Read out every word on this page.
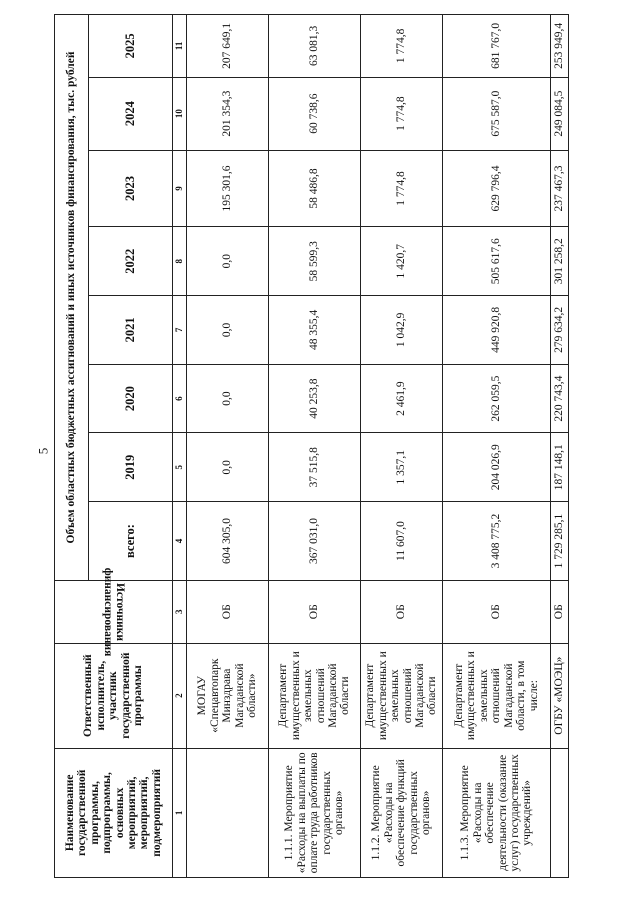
5
Наименование государственной программы, подпрограммы, основных мероприятий, мероприятий, подмероприятий	Ответственный исполнитель, участник государственной программы	Источники
финансирования	Объем областных бюджетных ассигнований и иных источников финансирования, тыс. рублей							
			всего:	2019	2020	2021	2022	2023	2024	2025
1	2	3	4	5	6	7	8	9	10	11
	МОГАУ «Спецавтопарк Минздрава Магаданской области»	ОБ	604 305,0	0,0	0,0	0,0	0,0	195 301,6	201 354,3	207 649,1
1.1.1. Мероприятие «Расходы на выплаты по оплате труда работников государственных органов»	Департамент имущественных и земельных отношений Магаданской области	ОБ	367 031,0	37 515,8	40 253,8	48 355,4	58 599,3	58 486,8	60 738,6	63 081,3
1.1.2. Мероприятие «Расходы на обеспечение функций государственных органов»	Департамент имущественных и земельных отношений Магаданской области	ОБ	11 607,0	1 357,1	2 461,9	1 042,9	1 420,7	1 774,8	1 774,8	1 774,8
1.1.3. Мероприятие «Расходы на обеспечение деятельности (оказание услуг) государственных учреждений»	Департамент имущественных и земельных отношений Магаданской области, в том числе:	ОБ	3 408 775,2	204 026,9	262 059,5	449 920,8	505 617,6	629 796,4	675 587,0	681 767,0
	ОГБУ «МОЭЦ»	ОБ	1 729 285,1	187 148,1	220 743,4	279 634,2	301 258,2	237 467,3	249 084,5	253 949,4
